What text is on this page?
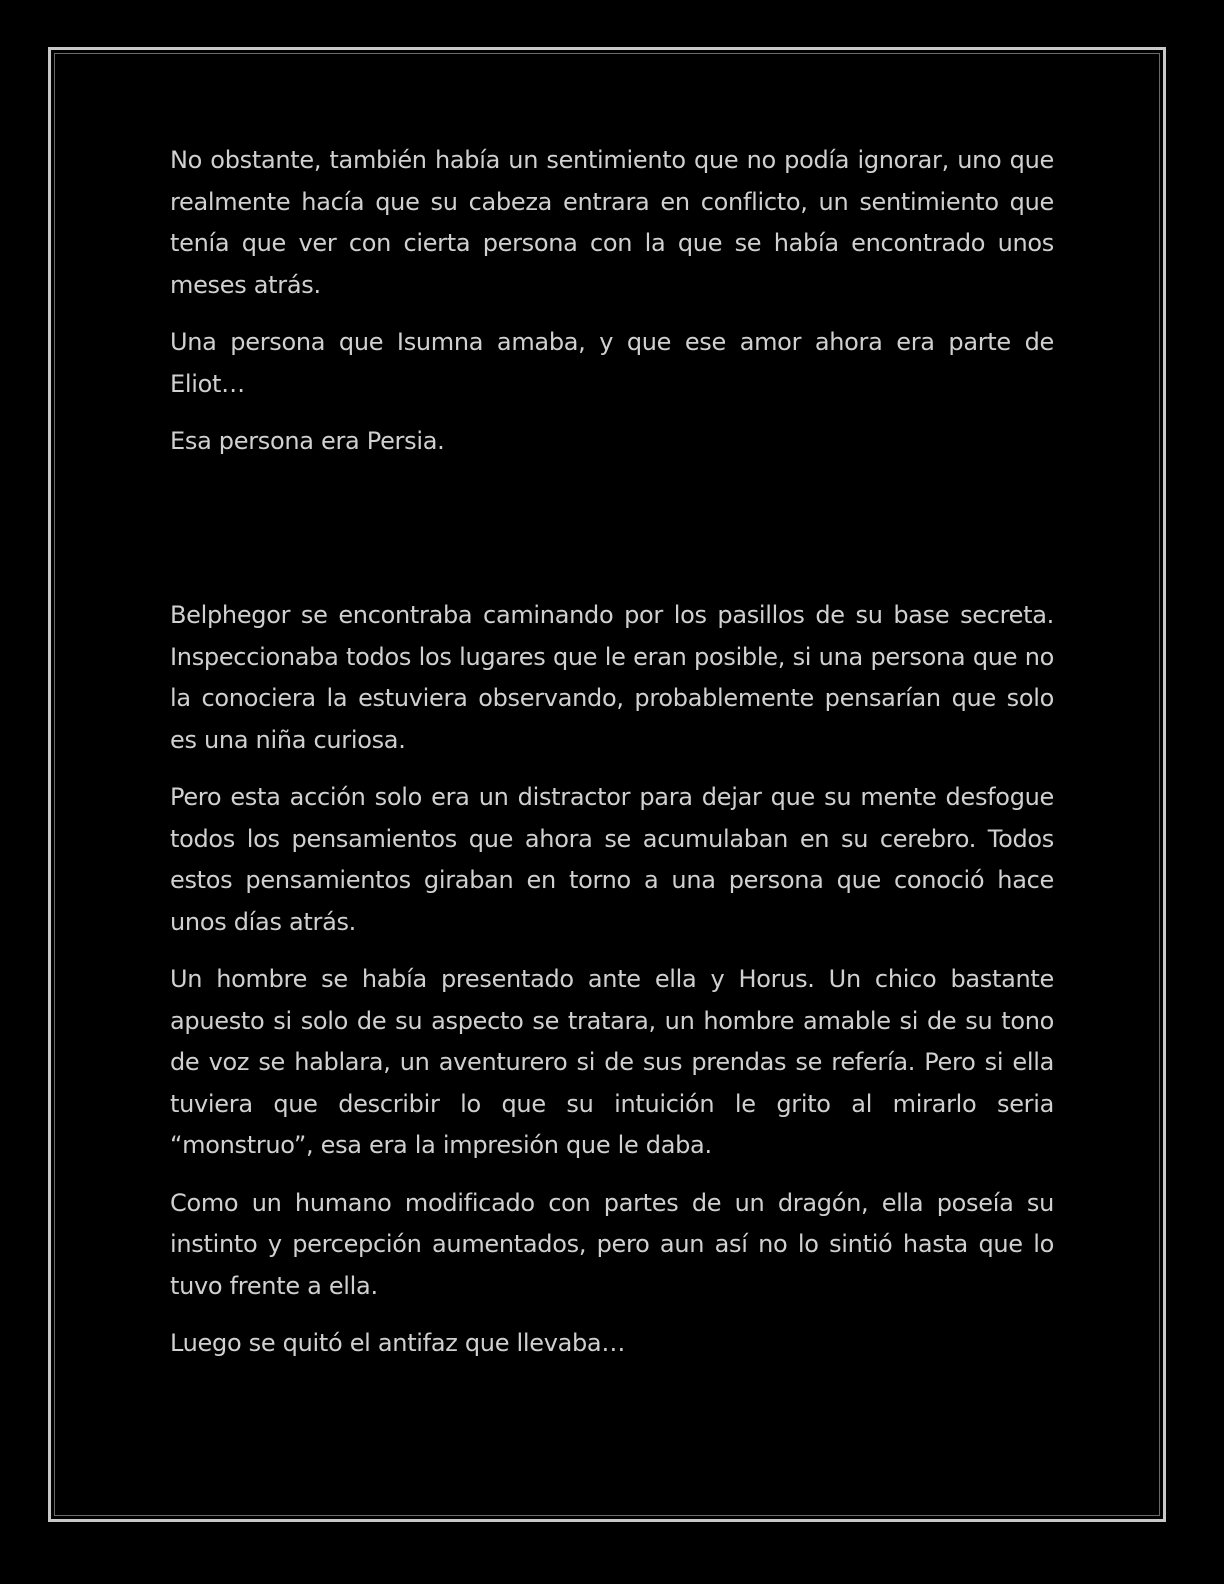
No obstante, también había un sentimiento que no podía ignorar, uno que realmente hacía que su cabeza entrara en conflicto, un sentimiento que tenía que ver con cierta persona con la que se había encontrado unos meses atrás.

Una persona que Isumna amaba, y que ese amor ahora era parte de Eliot…

Esa persona era Persia.

Belphegor se encontraba caminando por los pasillos de su base secreta. Inspeccionaba todos los lugares que le eran posible, si una persona que no la conociera la estuviera observando, probablemente pensarían que solo es una niña curiosa.

Pero esta acción solo era un distractor para dejar que su mente desfogue todos los pensamientos que ahora se acumulaban en su cerebro. Todos estos pensamientos giraban en torno a una persona que conoció hace unos días atrás.

Un hombre se había presentado ante ella y Horus. Un chico bastante apuesto si solo de su aspecto se tratara, un hombre amable si de su tono de voz se hablara, un aventurero si de sus prendas se refería. Pero si ella tuviera que describir lo que su intuición le grito al mirarlo seria “monstruo”, esa era la impresión que le daba.

Como un humano modificado con partes de un dragón, ella poseía su instinto y percepción aumentados, pero aun así no lo sintió hasta que lo tuvo frente a ella.

Luego se quitó el antifaz que llevaba…
